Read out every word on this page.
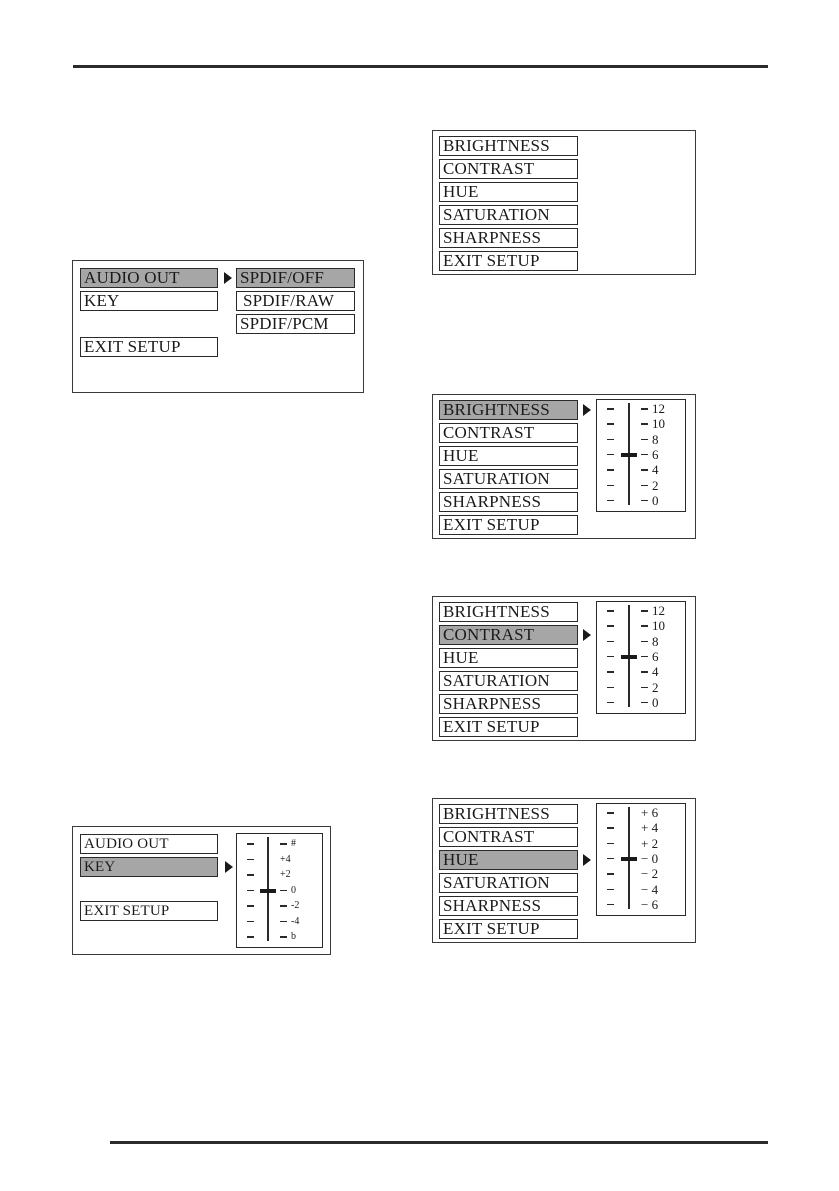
AUDIO OUT
KEY
EXIT SETUP
SPDIF/OFF
SPDIF/RAW
SPDIF/PCM
AUDIO OUT
KEY
EXIT SETUP
#
+4
+2
0
-2
-4
b
BRIGHTNESS
CONTRAST
HUE
SATURATION
SHARPNESS
EXIT SETUP
BRIGHTNESS
CONTRAST
HUE
SATURATION
SHARPNESS
EXIT SETUP
12
10
8
6
4
2
0
BRIGHTNESS
CONTRAST
HUE
SATURATION
SHARPNESS
EXIT SETUP
12
10
8
6
4
2
0
BRIGHTNESS
CONTRAST
HUE
SATURATION
SHARPNESS
EXIT SETUP
+ 6
+ 4
+ 2
− 0
− 2
− 4
− 6
